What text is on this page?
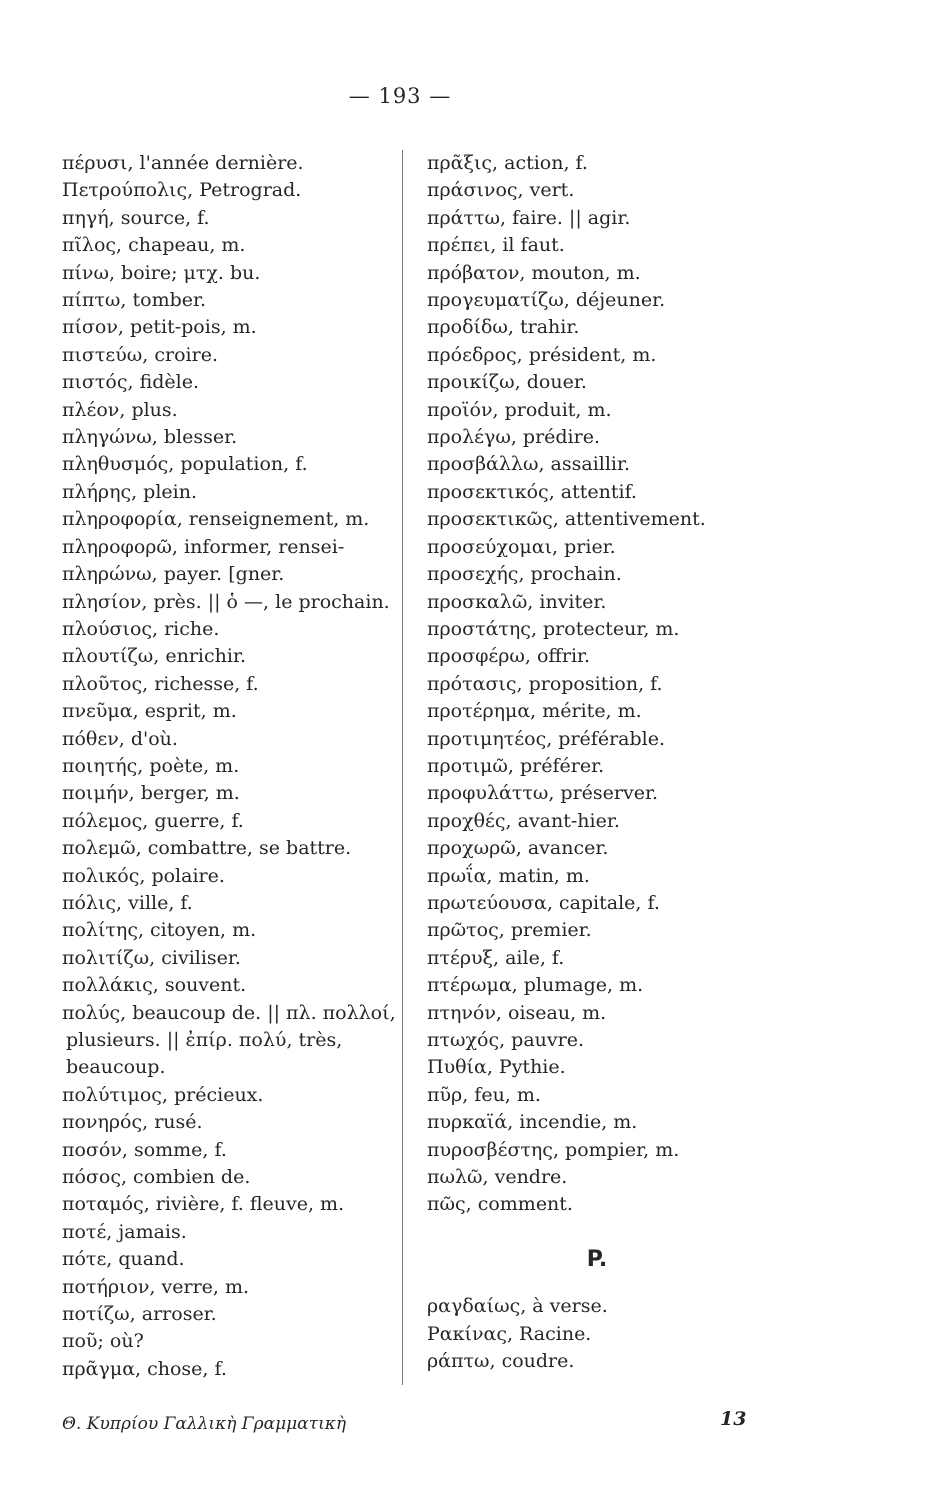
— 193 —
πέρυσι, l'année dernière.
Πετρούπολις, Petrograd.
πηγή, source, f.
πῖλος, chapeau, m.
πίνω, boire; μτχ. bu.
πίπτω, tomber.
πίσον, petit-pois, m.
πιστεύω, croire.
πιστός, fidèle.
πλέον, plus.
πληγώνω, blesser.
πληθυσμός, population, f.
πλήρης, plein.
πληροφορία, renseignement, m.
πληροφορῶ, informer, rensei-
πληρώνω, payer. [gner.
πλησίον, près. || ὁ —, le prochain.
πλούσιος, riche.
πλουτίζω, enrichir.
πλοῦτος, richesse, f.
πνεῦμα, esprit, m.
πόθεν, d'où.
ποιητής, poète, m.
ποιμήν, berger, m.
πόλεμος, guerre, f.
πολεμῶ, combattre, se battre.
πολικός, polaire.
πόλις, ville, f.
πολίτης, citoyen, m.
πολιτίζω, civiliser.
πολλάκις, souvent.
πολύς, beaucoup de. || πλ. πολλοί,
plusieurs. || ἐπίρ. πολύ, très,
beaucoup.
πολύτιμος, précieux.
πονηρός, rusé.
ποσόν, somme, f.
πόσος, combien de.
ποταμός, rivière, f. fleuve, m.
ποτέ, jamais.
πότε, quand.
ποτήριον, verre, m.
ποτίζω, arroser.
ποῦ; où?
πρᾶγμα, chose, f.
πρᾶξις, action, f.
πράσινος, vert.
πράττω, faire. || agir.
πρέπει, il faut.
πρόβατον, mouton, m.
προγευματίζω, déjeuner.
προδίδω, trahir.
πρόεδρος, président, m.
προικίζω, douer.
προϊόν, produit, m.
προλέγω, prédire.
προσβάλλω, assaillir.
προσεκτικός, attentif.
προσεκτικῶς, attentivement.
προσεύχομαι, prier.
προσεχής, prochain.
προσκαλῶ, inviter.
προστάτης, protecteur, m.
προσφέρω, offrir.
πρότασις, proposition, f.
προτέρημα, mérite, m.
προτιμητέος, préférable.
προτιμῶ, préférer.
προφυλάττω, préserver.
προχθές, avant-hier.
προχωρῶ, avancer.
πρωΐα, matin, m.
πρωτεύουσα, capitale, f.
πρῶτος, premier.
πτέρυξ, aile, f.
πτέρωμα, plumage, m.
πτηνόν, oiseau, m.
πτωχός, pauvre.
Πυθία, Pythie.
πῦρ, feu, m.
πυρκαϊά, incendie, m.
πυροσβέστης, pompier, m.
πωλῶ, vendre.
πῶς, comment.
P.
ραγδαίως, à verse.
Ρακίνας, Racine.
ράπτω, coudre.
Θ. Κυπρίου Γαλλικὴ Γραμματικὴ	13
